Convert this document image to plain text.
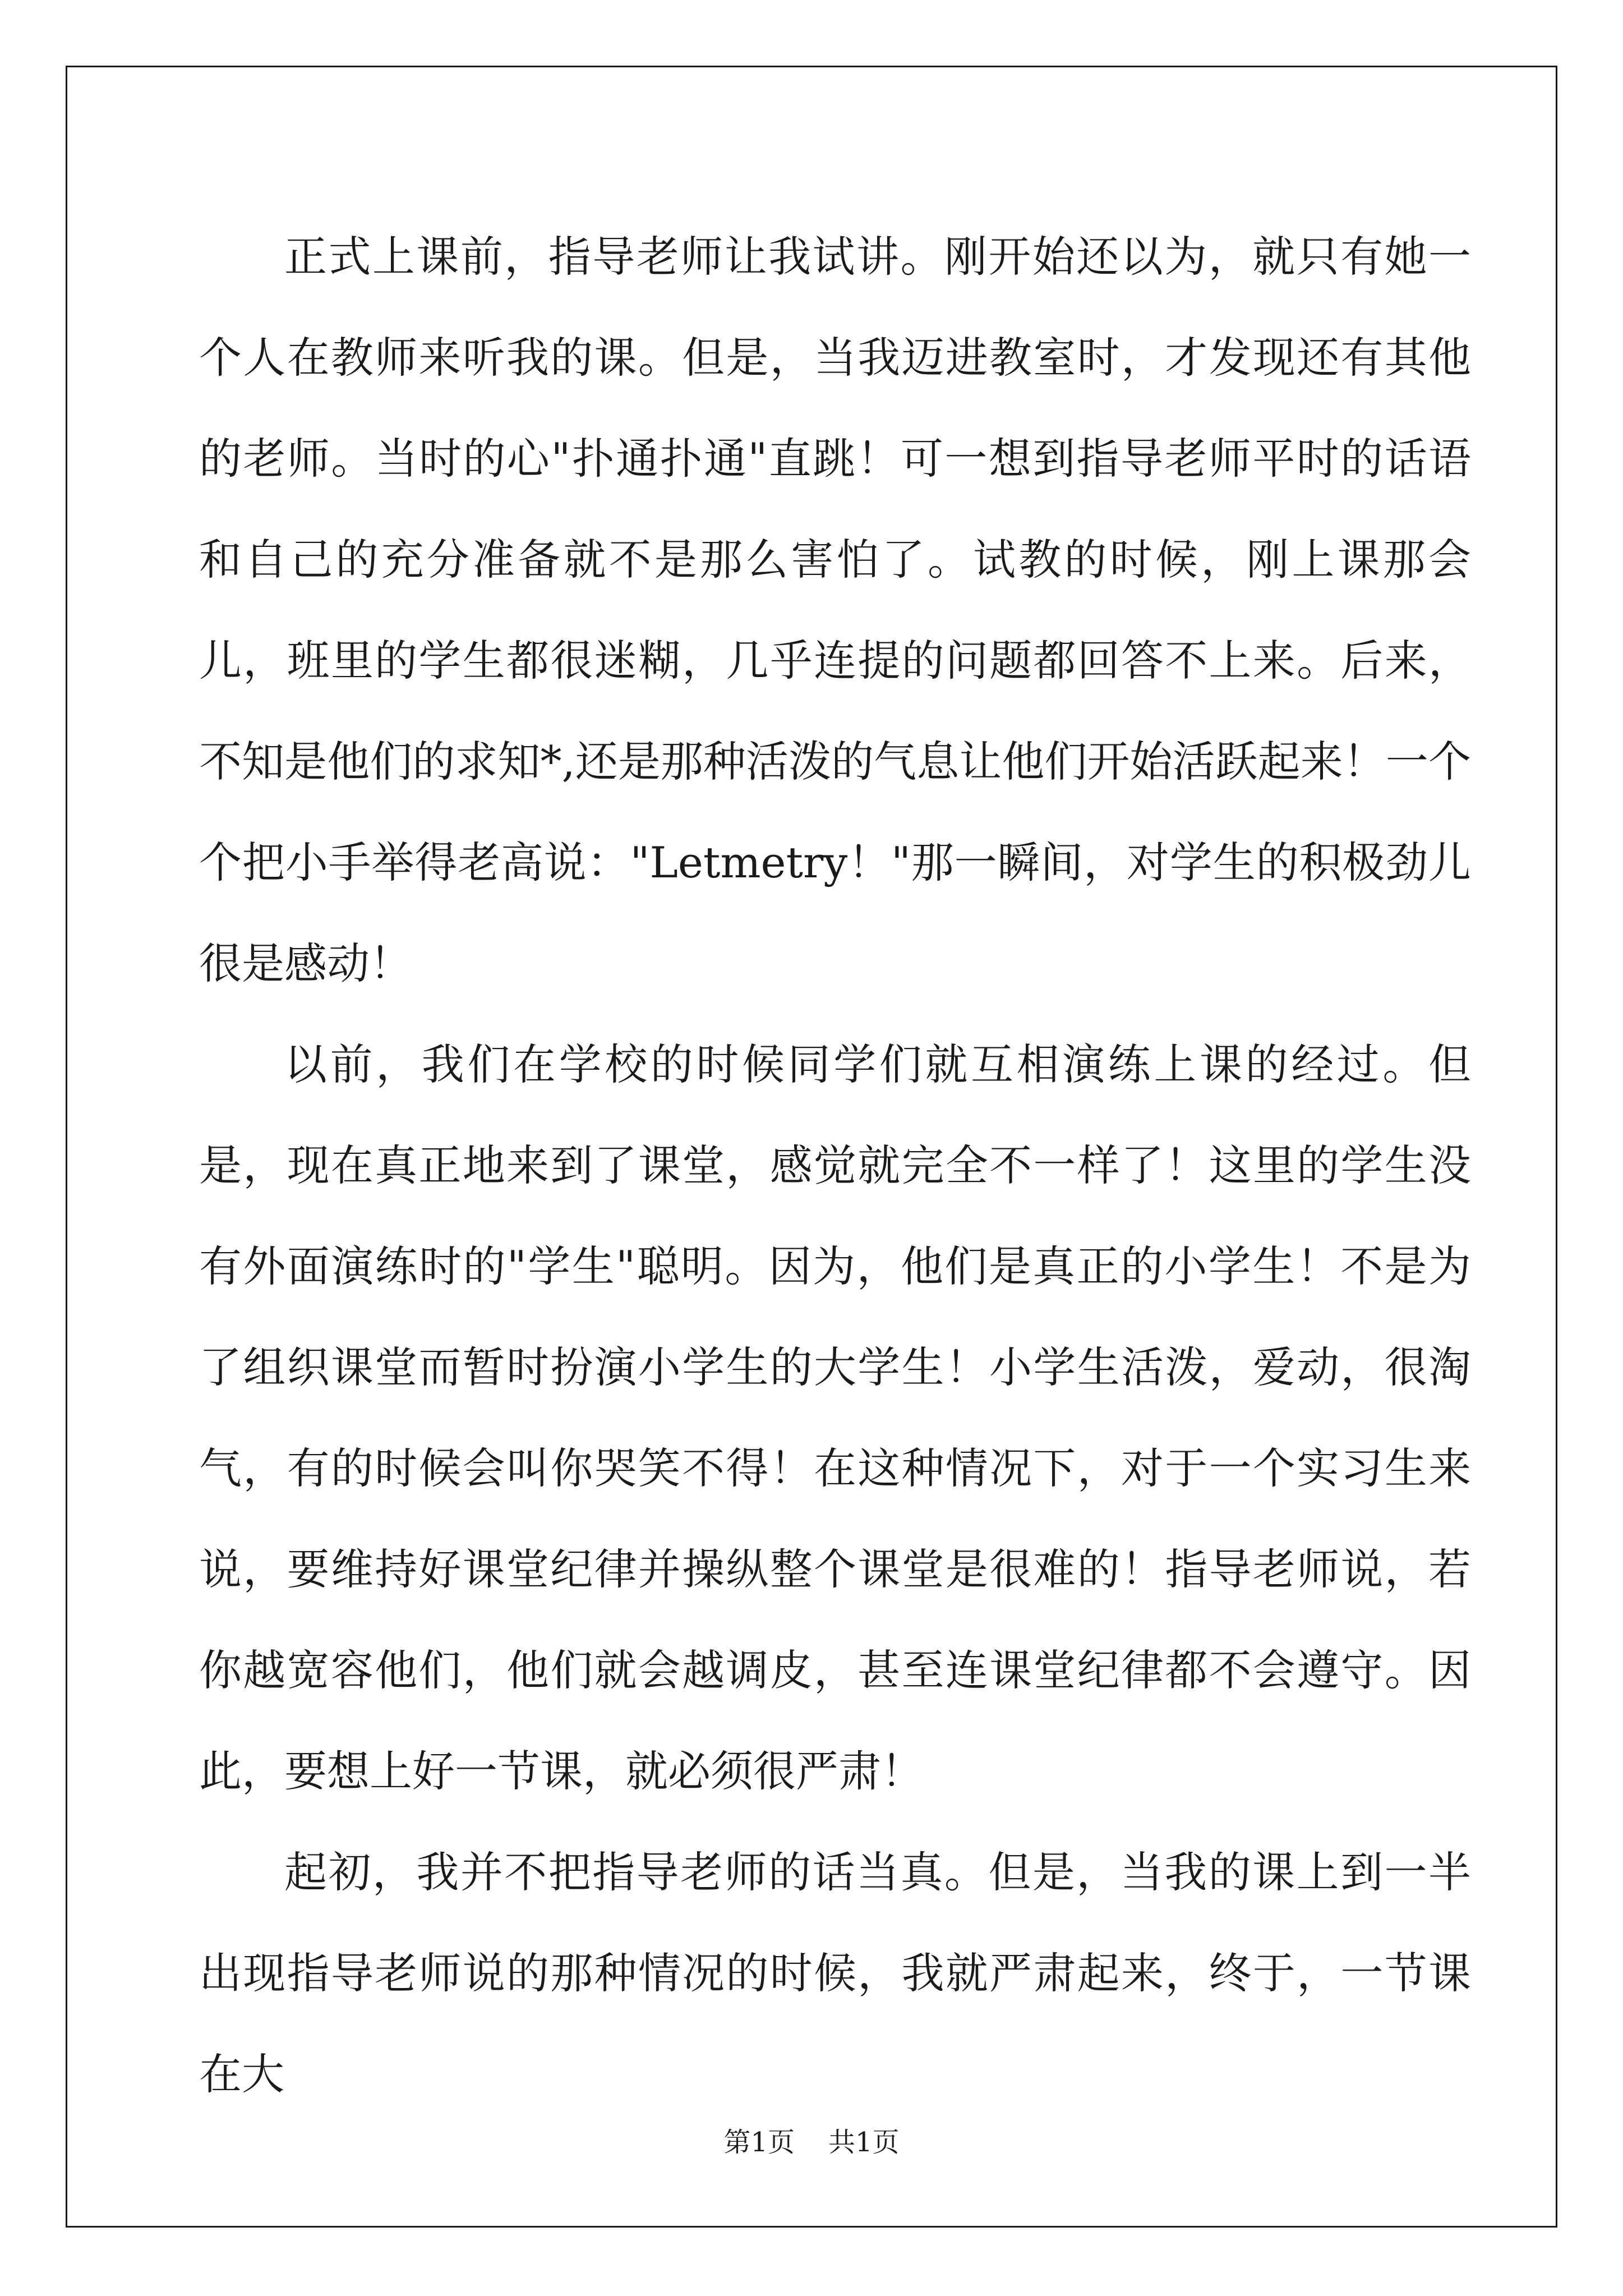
正式上课前，指导老师让我试讲。刚开始还以为，就只有她一个人在教师来听我的课。但是，当我迈进教室时，才发现还有其他的老师。当时的心"扑通扑通"直跳！可一想到指导老师平时的话语和自己的充分准备就不是那么害怕了。试教的时候，刚上课那会儿，班里的学生都很迷糊，几乎连提的问题都回答不上来。后来，不知是他们的求知*,还是那种活泼的气息让他们开始活跃起来！一个个把小手举得老高说："Letmetry！"那一瞬间，对学生的积极劲儿很是感动！

以前，我们在学校的时候同学们就互相演练上课的经过。但是，现在真正地来到了课堂，感觉就完全不一样了！这里的学生没有外面演练时的"学生"聪明。因为，他们是真正的小学生！不是为了组织课堂而暂时扮演小学生的大学生！小学生活泼，爱动，很淘气，有的时候会叫你哭笑不得！在这种情况下，对于一个实习生来说，要维持好课堂纪律并操纵整个课堂是很难的！指导老师说，若你越宽容他们，他们就会越调皮，甚至连课堂纪律都不会遵守。因此，要想上好一节课，就必须很严肃！

起初，我并不把指导老师的话当真。但是，当我的课上到一半出现指导老师说的那种情况的时候，我就严肃起来，终于，一节课在大

第1页 共1页
